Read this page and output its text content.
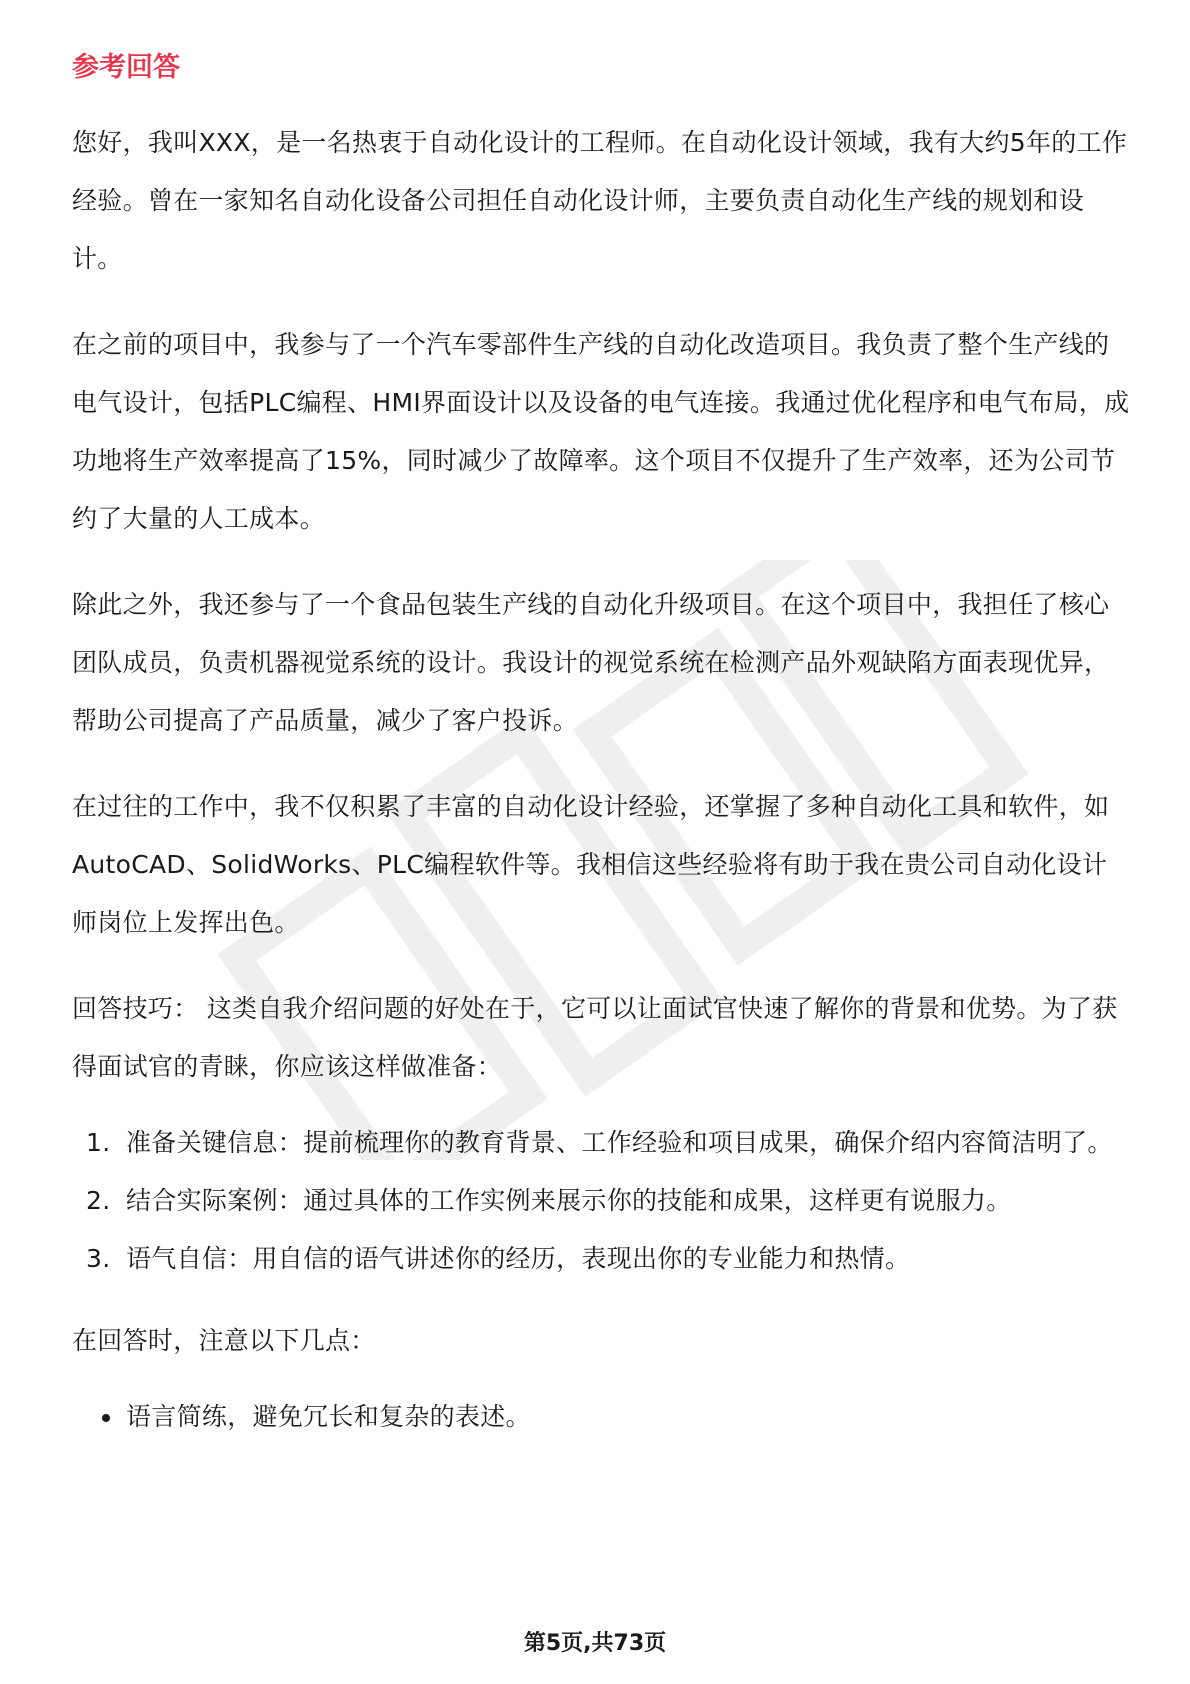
参考回答

您好，我叫XXX，是一名热衷于自动化设计的工程师。在自动化设计领域，我有大约5年的工作经验。曾在一家知名自动化设备公司担任自动化设计师，主要负责自动化生产线的规划和设计。

在之前的项目中，我参与了一个汽车零部件生产线的自动化改造项目。我负责了整个生产线的电气设计，包括PLC编程、HMI界面设计以及设备的电气连接。我通过优化程序和电气布局，成功地将生产效率提高了15%，同时减少了故障率。这个项目不仅提升了生产效率，还为公司节约了大量的人工成本。

除此之外，我还参与了一个食品包装生产线的自动化升级项目。在这个项目中，我担任了核心团队成员，负责机器视觉系统的设计。我设计的视觉系统在检测产品外观缺陷方面表现优异，帮助公司提高了产品质量，减少了客户投诉。

在过往的工作中，我不仅积累了丰富的自动化设计经验，还掌握了多种自动化工具和软件，如AutoCAD、SolidWorks、PLC编程软件等。我相信这些经验将有助于我在贵公司自动化设计师岗位上发挥出色。

回答技巧： 这类自我介绍问题的好处在于，它可以让面试官快速了解你的背景和优势。为了获得面试官的青睐，你应该这样做准备：

1. 准备关键信息：提前梳理你的教育背景、工作经验和项目成果，确保介绍内容简洁明了。
2. 结合实际案例：通过具体的工作实例来展示你的技能和成果，这样更有说服力。
3. 语气自信：用自信的语气讲述你的经历，表现出你的专业能力和热情。

在回答时，注意以下几点：

语言简练，避免冗长和复杂的表述。
第5页,共73页
